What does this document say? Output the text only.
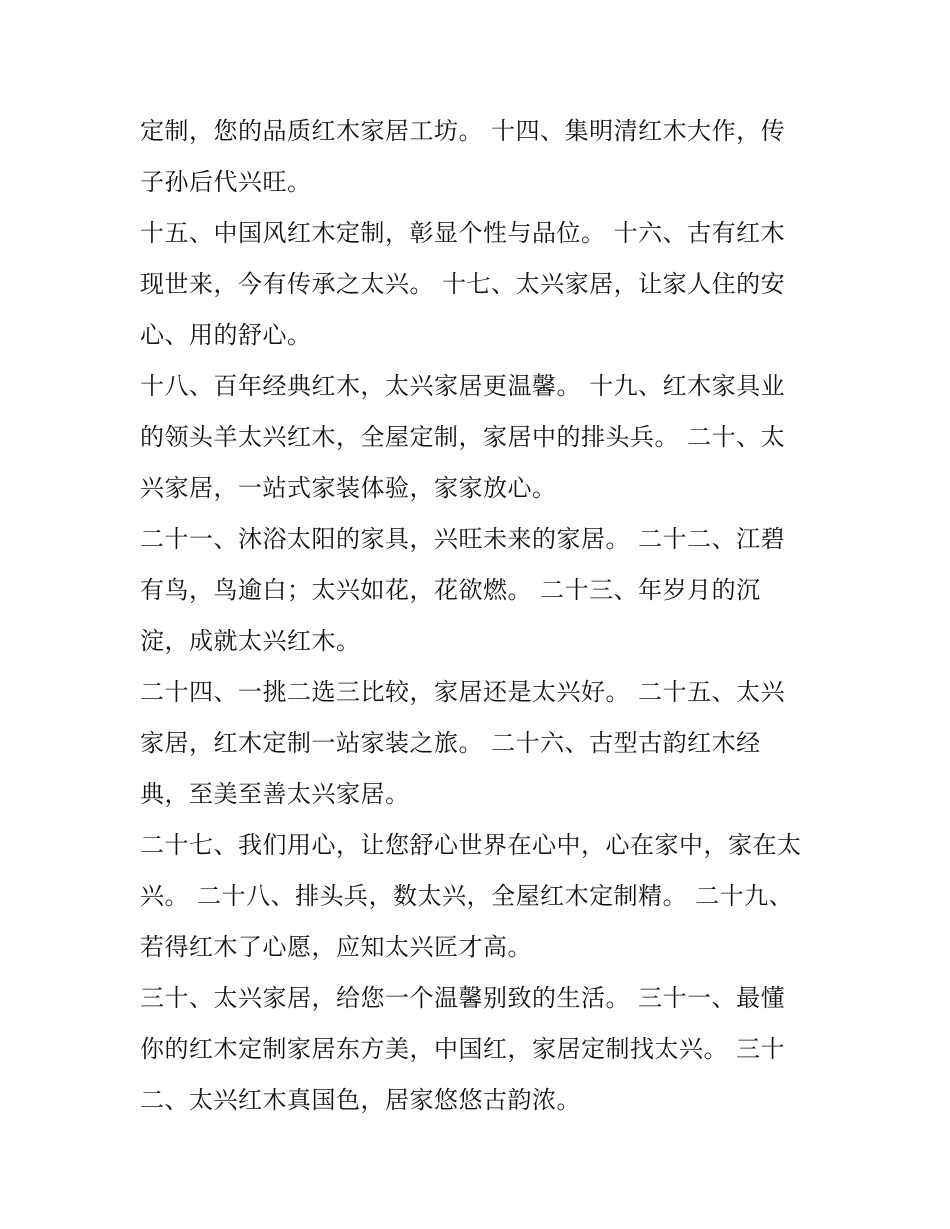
定制，您的品质红木家居工坊。 十四、集明清红木大作，传
子孙后代兴旺。
十五、中国风红木定制，彰显个性与品位。 十六、古有红木
现世来，今有传承之太兴。 十七、太兴家居，让家人住的安
心、用的舒心。
十八、百年经典红木，太兴家居更温馨。 十九、红木家具业
的领头羊太兴红木，全屋定制，家居中的排头兵。 二十、太
兴家居，一站式家装体验，家家放心。
二十一、沐浴太阳的家具，兴旺未来的家居。 二十二、江碧
有鸟，鸟逾白；太兴如花，花欲燃。 二十三、年岁月的沉
淀，成就太兴红木。
二十四、一挑二选三比较，家居还是太兴好。 二十五、太兴
家居，红木定制一站家装之旅。 二十六、古型古韵红木经
典，至美至善太兴家居。
二十七、我们用心，让您舒心世界在心中，心在家中，家在太
兴。 二十八、排头兵，数太兴，全屋红木定制精。 二十九、
若得红木了心愿，应知太兴匠才高。
三十、太兴家居，给您一个温馨别致的生活。 三十一、最懂
你的红木定制家居东方美，中国红，家居定制找太兴。 三十
二、太兴红木真国色，居家悠悠古韵浓。
